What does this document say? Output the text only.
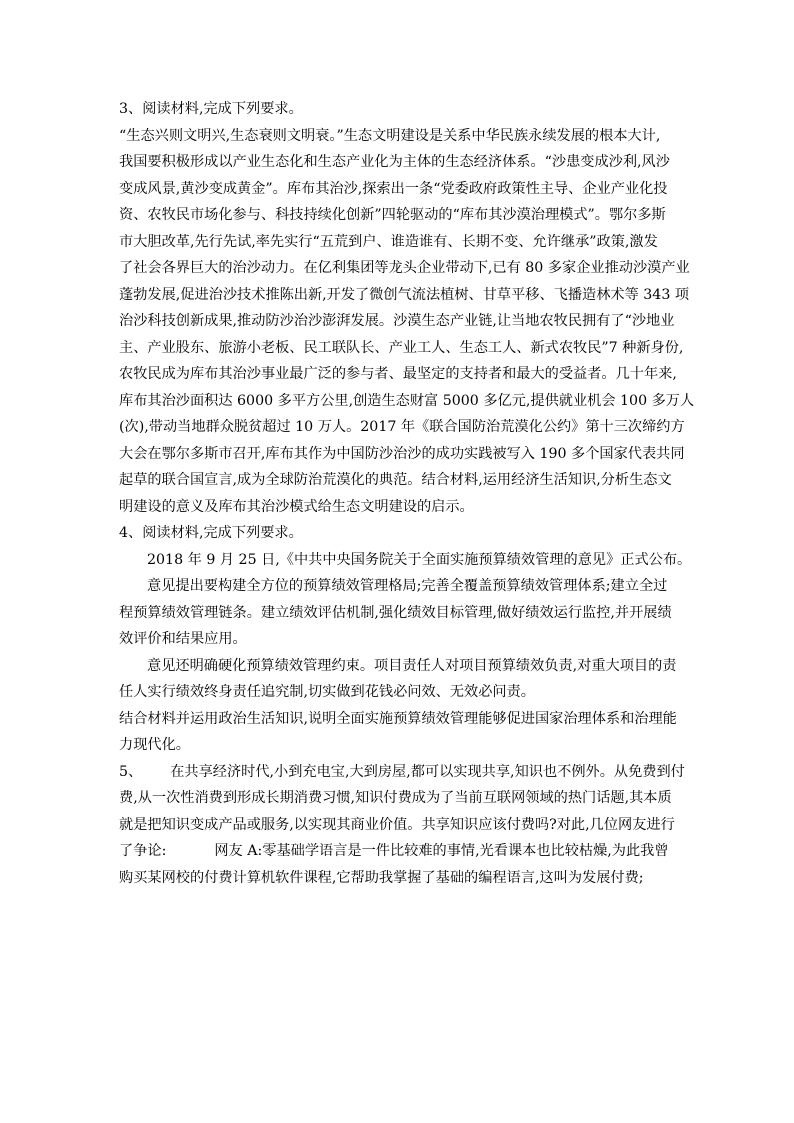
3、阅读材料,完成下列要求。
“生态兴则文明兴,生态衰则文明衰。”生态文明建设是关系中华民族永续发展的根本大计,
我国要积极形成以产业生态化和生态产业化为主体的生态经济体系。“沙患变成沙利,风沙
变成风景,黄沙变成黄金”。库布其治沙,探索出一条“党委政府政策性主导、企业产业化投
资、农牧民市场化参与、科技持续化创新”四轮驱动的“库布其沙漠治理模式”。鄂尔多斯
市大胆改革,先行先试,率先实行“五荒到户、谁造谁有、长期不变、允许继承”政策,激发
了社会各界巨大的治沙动力。在亿利集团等龙头企业带动下,已有 80 多家企业推动沙漠产业
蓬勃发展,促进治沙技术推陈出新,开发了微创气流法植树、甘草平移、飞播造林术等 343 项
治沙科技创新成果,推动防沙治沙澎湃发展。沙漠生态产业链,让当地农牧民拥有了“沙地业
主、产业股东、旅游小老板、民工联队长、产业工人、生态工人、新式农牧民”7 种新身份,
农牧民成为库布其治沙事业最广泛的参与者、最坚定的支持者和最大的受益者。几十年来,
库布其治沙面积达 6000 多平方公里,创造生态财富 5000 多亿元,提供就业机会 100 多万人
(次),带动当地群众脱贫超过 10 万人。2017 年《联合国防治荒漠化公约》第十三次缔约方
大会在鄂尔多斯市召开,库布其作为中国防沙治沙的成功实践被写入 190 多个国家代表共同
起草的联合国宣言,成为全球防治荒漠化的典范。结合材料,运用经济生活知识,分析生态文
明建设的意义及库布其治沙模式给生态文明建设的启示。
4、阅读材料,完成下列要求。
2018 年 9 月 25 日,《中共中央国务院关于全面实施预算绩效管理的意见》正式公布。
意见提出要构建全方位的预算绩效管理格局;完善全覆盖预算绩效管理体系;建立全过
程预算绩效管理链条。建立绩效评估机制,强化绩效目标管理,做好绩效运行监控,并开展绩
效评价和结果应用。
意见还明确硬化预算绩效管理约束。项目责任人对项目预算绩效负责,对重大项目的责
任人实行绩效终身责任追究制,切实做到花钱必问效、无效必问责。
结合材料并运用政治生活知识,说明全面实施预算绩效管理能够促进国家治理体系和治理能
力现代化。
5、 在共享经济时代,小到充电宝,大到房屋,都可以实现共享,知识也不例外。从免费到付
费,从一次性消费到形成长期消费习惯,知识付费成为了当前互联网领域的热门话题,其本质
就是把知识变成产品或服务,以实现其商业价值。共享知识应该付费吗?对此,几位网友进行
了争论:	网友 A:零基础学语言是一件比较难的事情,光看课本也比较枯燥,为此我曾
购买某网校的付费计算机软件课程,它帮助我掌握了基础的编程语言,这叫为发展付费;
